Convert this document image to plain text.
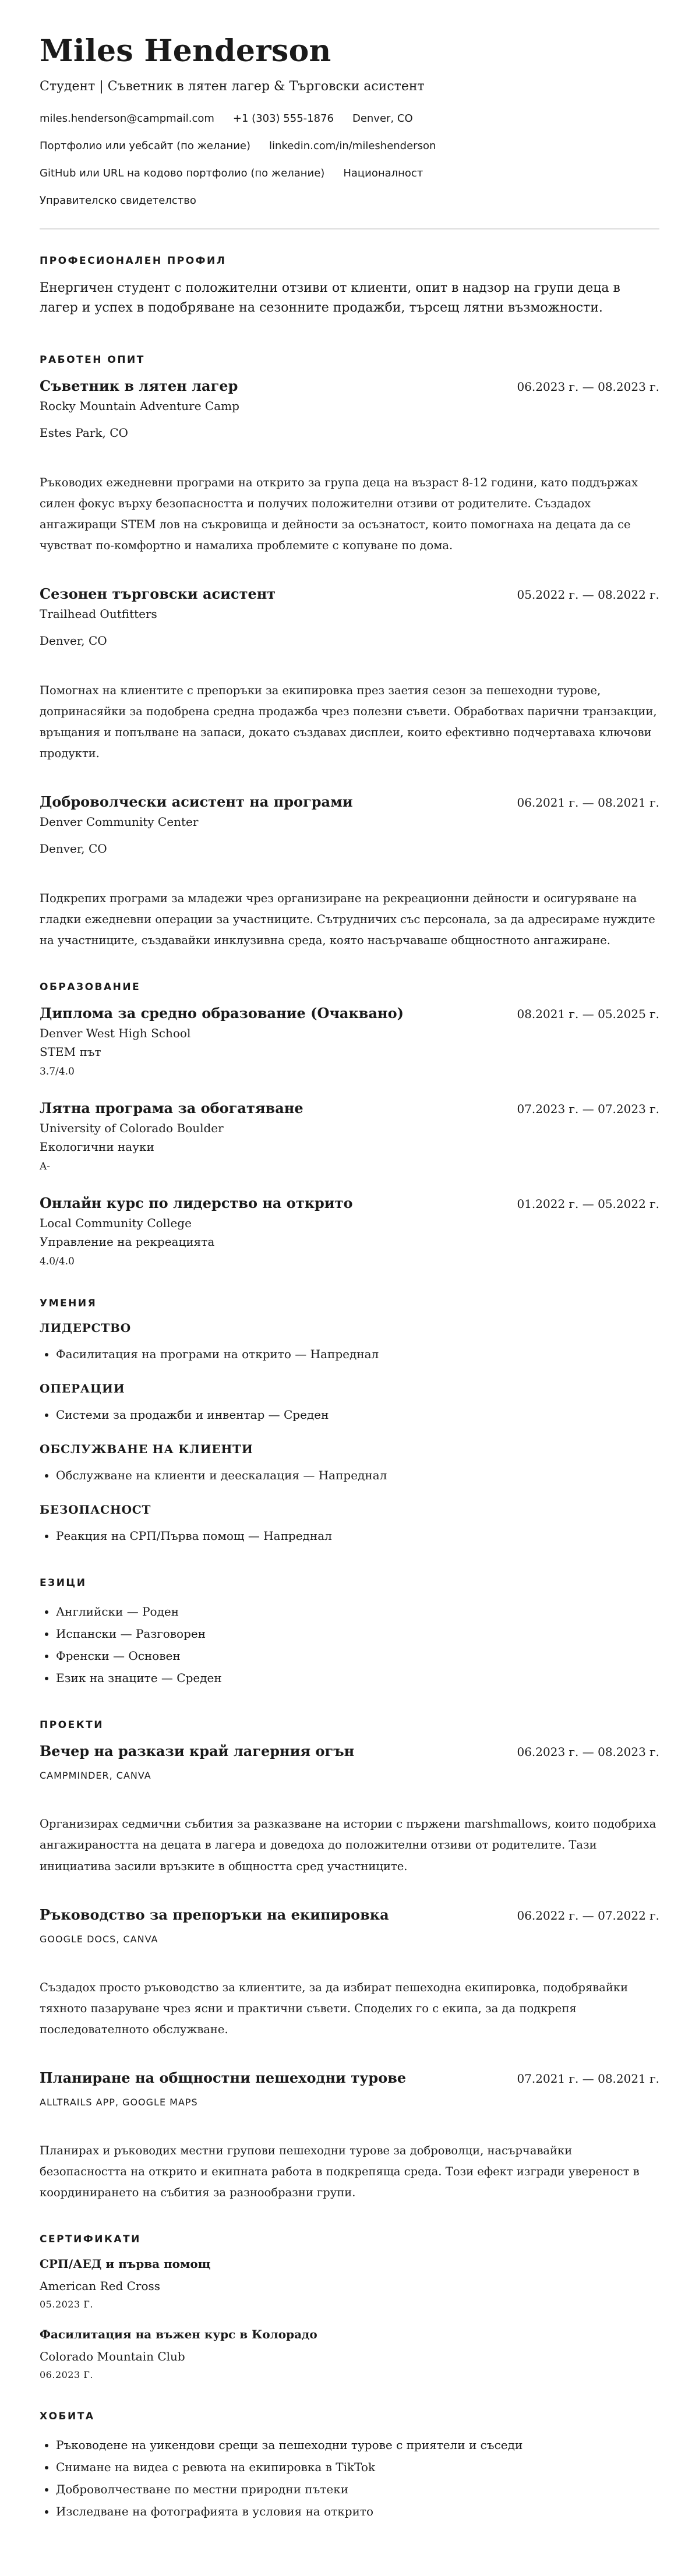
Miles Henderson
Студент | Съветник в лятен лагер & Търговски асистент
miles.henderson@campmail.com +1 (303) 555-1876 Denver, CO
Портфолио или уебсайт (по желание) linkedin.com/in/mileshenderson
GitHub или URL на кодово портфолио (по желание) Националност
Управителско свидетелство
ПРОФЕСИОНАЛЕН ПРОФИЛ

Енергичен студент с положителни отзиви от клиенти, опит в надзор на групи деца в лагер и успех в подобряване на сезонните продажби, търсещ лятни възможности.

РАБОТЕН ОПИТ
Съветник в лятен лагер	06.2023 г. — 08.2023 г.
Rocky Mountain Adventure Camp
Estes Park, CO
Ръководих ежедневни програми на открито за група деца на възраст 8-12 години, като поддържах силен фокус върху безопасността и получих положителни отзиви от родителите. Създадох ангажиращи STEM лов на съкровища и дейности за осъзнатост, които помогнаха на децата да се чувстват по-комфортно и намалиха проблемите с копуване по дома.
Сезонен търговски асистент	05.2022 г. — 08.2022 г.
Trailhead Outfitters
Denver, CO
Помогнах на клиентите с препоръки за екипировка през заетия сезон за пешеходни турове, допринасяйки за подобрена средна продажба чрез полезни съвети. Обработвах парични транзакции, връщания и попълване на запаси, докато създавах дисплеи, които ефективно подчертаваха ключови продукти.
Доброволчески асистент на програми	06.2021 г. — 08.2021 г.
Denver Community Center
Denver, CO
Подкрепих програми за младежи чрез организиране на рекреационни дейности и осигуряване на гладки ежедневни операции за участниците. Сътрудничих със персонала, за да адресираме нуждите на участниците, създавайки инклузивна среда, която насърчаваше общностното ангажиране.
ОБРАЗОВАНИЕ
Диплома за средно образование (Очаквано)	08.2021 г. — 05.2025 г.
Denver West High School
STEM път
3.7/4.0
Лятна програма за обогатяване	07.2023 г. — 07.2023 г.
University of Colorado Boulder
Екологични науки
A-
Онлайн курс по лидерство на открито	01.2022 г. — 05.2022 г.
Local Community College
Управление на рекреацията
4.0/4.0
УМЕНИЯ
ЛИДЕРСТВО
• Фасилитация на програми на открито — Напреднал
ОПЕРАЦИИ
• Системи за продажби и инвентар — Среден
ОБСЛУЖВАНЕ НА КЛИЕНТИ
• Обслужване на клиенти и деескалация — Напреднал
БЕЗОПАСНОСТ
• Реакция на СРП/Първа помощ — Напреднал
ЕЗИЦИ
• Английски — Роден
• Испански — Разговорен
• Френски — Основен
• Език на знаците — Среден
ПРОЕКТИ
Вечер на разкази край лагерния огън	06.2023 г. — 08.2023 г.
CAMPMINDER, CANVA
Организирах седмични събития за разказване на истории с пържени marshmallows, които подобриха ангажираността на децата в лагера и доведоха до положителни отзиви от родителите. Тази инициатива засили връзките в общността сред участниците.
Ръководство за препоръки на екипировка	06.2022 г. — 07.2022 г.
GOOGLE DOCS, CANVA
Създадох просто ръководство за клиентите, за да избират пешеходна екипировка, подобрявайки тяхното пазаруване чрез ясни и практични съвети. Споделих го с екипа, за да подкрепя последователното обслужване.
Планиране на общностни пешеходни турове	07.2021 г. — 08.2021 г.
ALLTRAILS APP, GOOGLE MAPS
Планирах и ръководих местни групови пешеходни турове за доброволци, насърчавайки безопасността на открито и екипната работа в подкрепяща среда. Този ефект изгради увереност в координирането на събития за разнообразни групи.
СЕРТИФИКАТИ
СРП/АЕД и първа помощ
American Red Cross
05.2023 Г.
Фасилитация на въжен курс в Колорадо
Colorado Mountain Club
06.2023 Г.
ХОБИТА
• Ръководене на уикендови срещи за пешеходни турове с приятели и съседи
• Снимане на видеа с ревюта на екипировка в TikTok
• Доброволчестване по местни природни пътеки
• Изследване на фотографията в условия на открито
